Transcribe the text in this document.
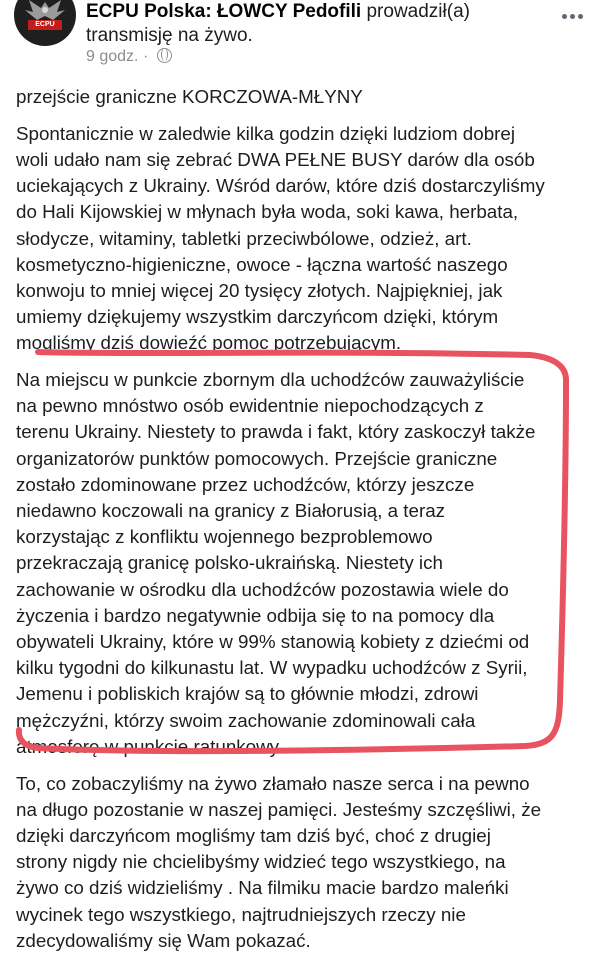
ECPU
ECPU Polska: ŁOWCY Pedofili prowadził(a)
transmisję na żywo.
9 godz. ·

przejście graniczne KORCZOWA-MŁYNY

Spontanicznie w zaledwie kilka godzin dzięki ludziom dobrej
woli udało nam się zebrać DWA PEŁNE BUSY darów dla osób
uciekających z Ukrainy. Wśród darów, które dziś dostarczyliśmy
do Hali Kijowskiej w młynach była woda, soki kawa, herbata,
słodycze, witaminy, tabletki przeciwbólowe, odzież, art.
kosmetyczno-higieniczne, owoce - łączna wartość naszego
konwoju to mniej więcej 20 tysięcy złotych. Najpiękniej, jak
umiemy dziękujemy wszystkim darczyńcom dzięki, którym
mogliśmy dziś dowieźć pomoc potrzebującym.

Na miejscu w punkcie zbornym dla uchodźców zauważyliście
na pewno mnóstwo osób ewidentnie niepochodzących z
terenu Ukrainy. Niestety to prawda i fakt, który zaskoczył także
organizatorów punktów pomocowych. Przejście graniczne
zostało zdominowane przez uchodźców, którzy jeszcze
niedawno koczowali na granicy z Białorusią, a teraz
korzystając z konfliktu wojennego bezproblemowo
przekraczają granicę polsko-ukraińską. Niestety ich
zachowanie w ośrodku dla uchodźców pozostawia wiele do
życzenia i bardzo negatywnie odbija się to na pomocy dla
obywateli Ukrainy, które w 99% stanowią kobiety z dziećmi od
kilku tygodni do kilkunastu lat. W wypadku uchodźców z Syrii,
Jemenu i pobliskich krajów są to głównie młodzi, zdrowi
mężczyźni, którzy swoim zachowanie zdominowali cała
atmosferę w punkcie ratunkowy.

To, co zobaczyliśmy na żywo złamało nasze serca i na pewno
na długo pozostanie w naszej pamięci. Jesteśmy szczęśliwi, że
dzięki darczyńcom mogliśmy tam dziś być, choć z drugiej
strony nigdy nie chcielibyśmy widzieć tego wszystkiego, na
żywo co dziś widzieliśmy . Na filmiku macie bardzo maleńki
wycinek tego wszystkiego, najtrudniejszych rzeczy nie
zdecydowaliśmy się Wam pokazać.
